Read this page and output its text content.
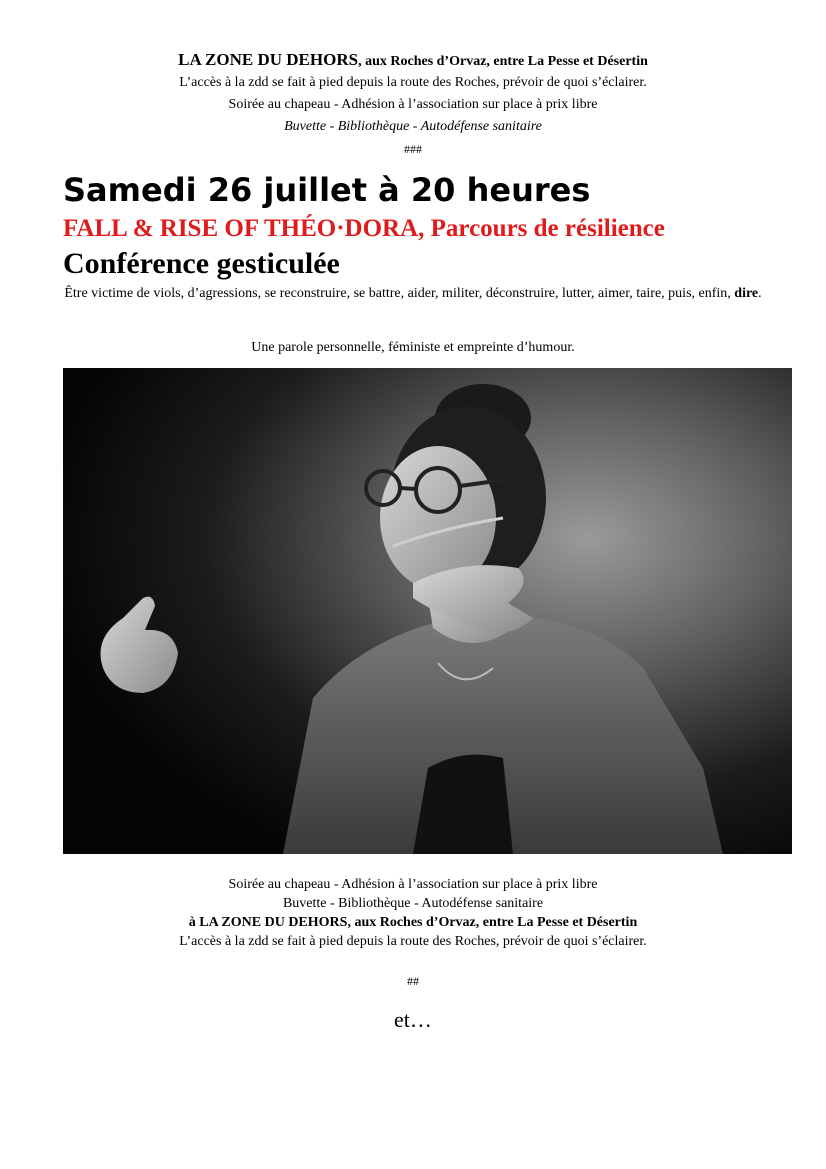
LA ZONE DU DEHORS, aux Roches d’Orvaz, entre La Pesse et Désertin
L’accès à la zdd se fait à pied depuis la route des Roches, prévoir de quoi s’éclairer.
Soirée au chapeau - Adhésion à l’association sur place à prix libre
Buvette - Bibliothèque - Autodéfense sanitaire
###
Samedi 26 juillet à 20 heures
FALL & RISE OF THÉO·DORA, Parcours de résilience
Conférence gesticulée
Être victime de viols, d’agressions, se reconstruire, se battre, aider, militer, déconstruire, lutter, aimer, taire, puis, enfin, dire.
Une parole personnelle, féministe et empreinte d’humour.
Soirée au chapeau - Adhésion à l’association sur place à prix libre
Buvette - Bibliothèque - Autodéfense sanitaire
à LA ZONE DU DEHORS, aux Roches d’Orvaz, entre La Pesse et Désertin
L’accès à la zdd se fait à pied depuis la route des Roches, prévoir de quoi s’éclairer.
##
et…
